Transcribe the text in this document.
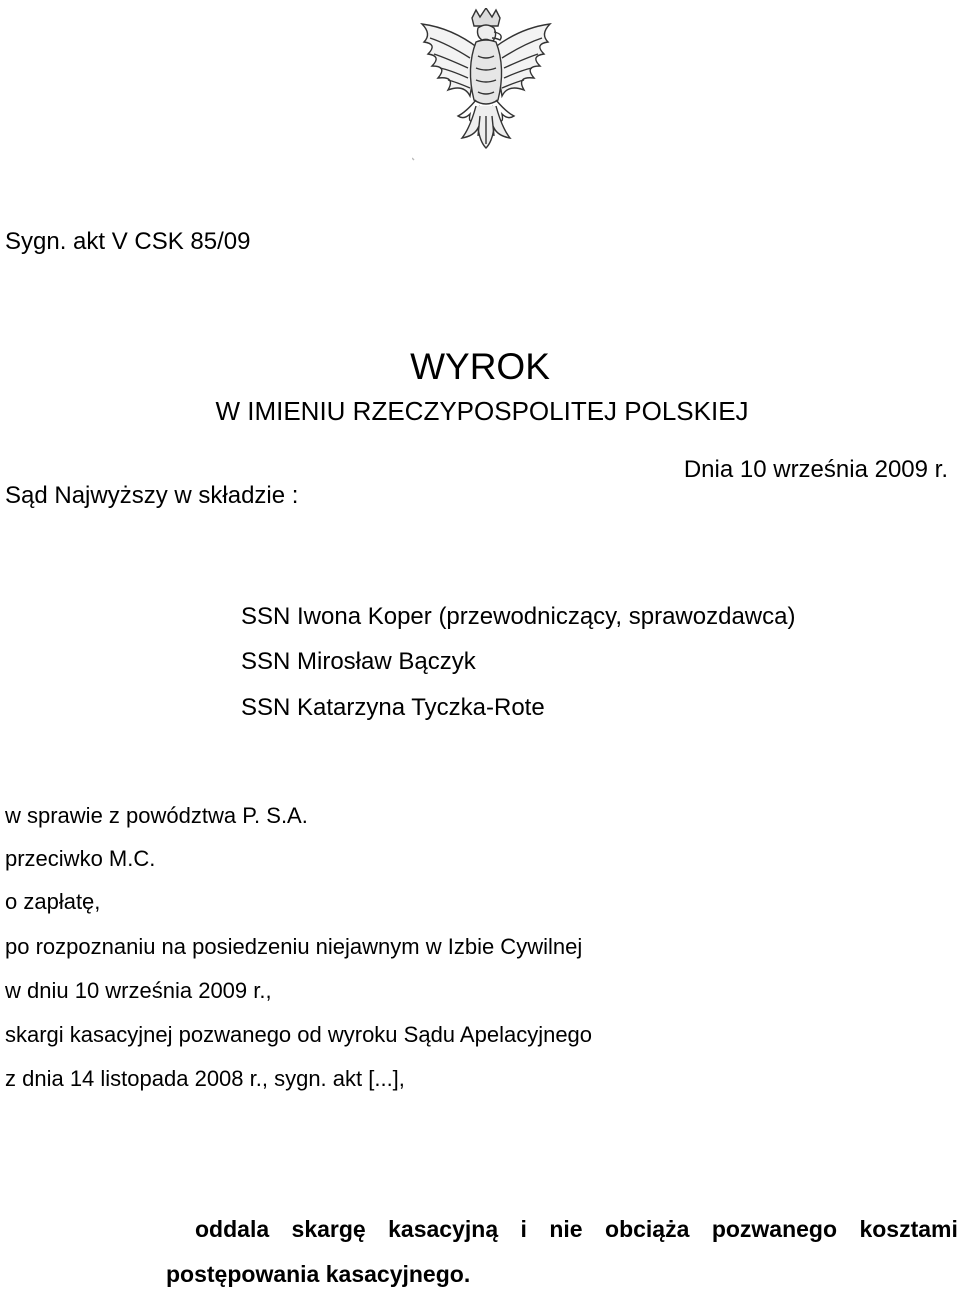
Sygn. akt V CSK 85/09
WYROK
W IMIENIU RZECZYPOSPOLITEJ POLSKIEJ
Dnia 10 września 2009 r.
Sąd Najwyższy w składzie :
SSN Iwona Koper (przewodniczący, sprawozdawca)
SSN Mirosław Bączyk
SSN Katarzyna Tyczka-Rote
w sprawie z powództwa P. S.A.
przeciwko M.C.
o zapłatę,
po rozpoznaniu na posiedzeniu niejawnym w Izbie Cywilnej
w dniu 10 września 2009 r.,
skargi kasacyjnej pozwanego od wyroku Sądu Apelacyjnego
z dnia 14 listopada 2008 r., sygn. akt [...],
oddala skargę kasacyjną i nie obciąża pozwanego kosztami
postępowania kasacyjnego.
